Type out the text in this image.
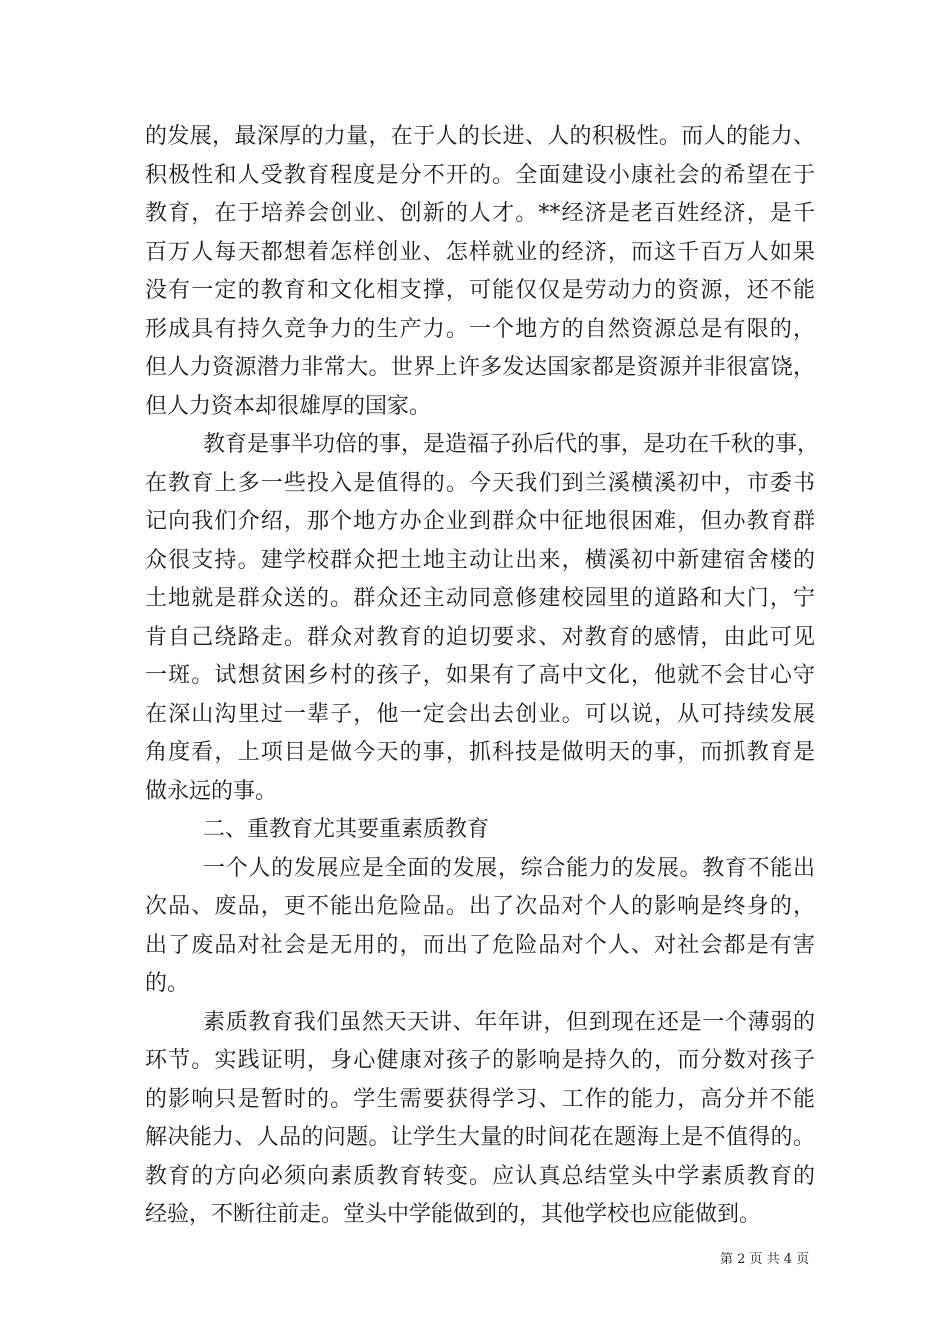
的发展，最深厚的力量，在于人的长进、人的积极性。而人的能力、
积极性和人受教育程度是分不开的。全面建设小康社会的希望在于
教育，在于培养会创业、创新的人才。**经济是老百姓经济，是千
百万人每天都想着怎样创业、怎样就业的经济，而这千百万人如果
没有一定的教育和文化相支撑，可能仅仅是劳动力的资源，还不能
形成具有持久竞争力的生产力。一个地方的自然资源总是有限的，
但人力资源潜力非常大。世界上许多发达国家都是资源并非很富饶，
但人力资本却很雄厚的国家。
教育是事半功倍的事，是造福子孙后代的事，是功在千秋的事，
在教育上多一些投入是值得的。今天我们到兰溪横溪初中，市委书
记向我们介绍，那个地方办企业到群众中征地很困难，但办教育群
众很支持。建学校群众把土地主动让出来，横溪初中新建宿舍楼的
土地就是群众送的。群众还主动同意修建校园里的道路和大门，宁
肯自己绕路走。群众对教育的迫切要求、对教育的感情，由此可见
一斑。试想贫困乡村的孩子，如果有了高中文化，他就不会甘心守
在深山沟里过一辈子，他一定会出去创业。可以说，从可持续发展
角度看，上项目是做今天的事，抓科技是做明天的事，而抓教育是
做永远的事。
二、重教育尤其要重素质教育
一个人的发展应是全面的发展，综合能力的发展。教育不能出
次品、废品，更不能出危险品。出了次品对个人的影响是终身的，
出了废品对社会是无用的，而出了危险品对个人、对社会都是有害
的。
素质教育我们虽然天天讲、年年讲，但到现在还是一个薄弱的
环节。实践证明，身心健康对孩子的影响是持久的，而分数对孩子
的影响只是暂时的。学生需要获得学习、工作的能力，高分并不能
解决能力、人品的问题。让学生大量的时间花在题海上是不值得的。
教育的方向必须向素质教育转变。应认真总结堂头中学素质教育的
经验，不断往前走。堂头中学能做到的，其他学校也应能做到。
第 2 页 共 4 页
